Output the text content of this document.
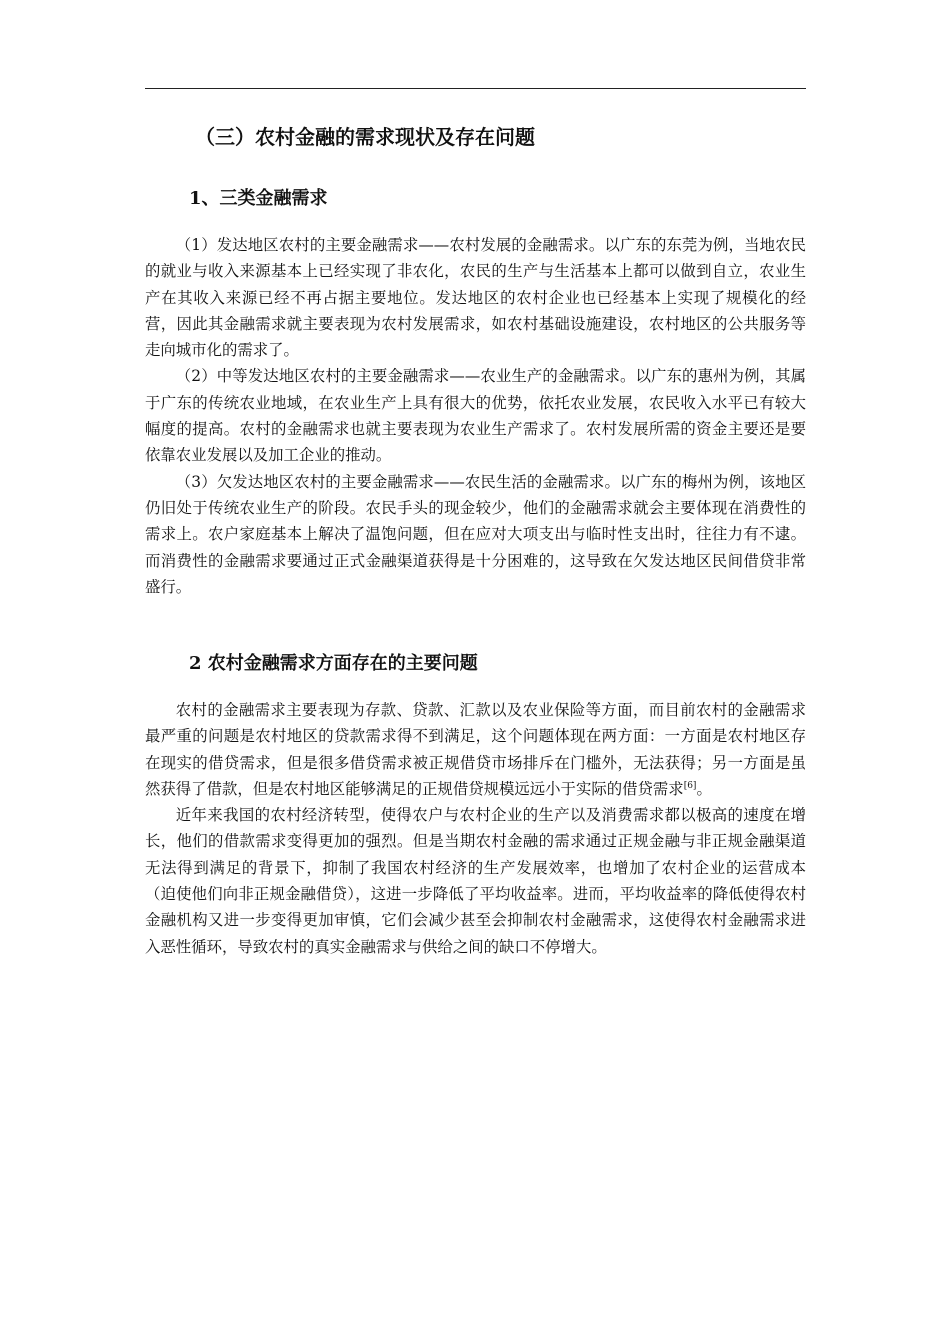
（三）农村金融的需求现状及存在问题
1、三类金融需求

（1）发达地区农村的主要金融需求——农村发展的金融需求。以广东的东莞为例，当地农民的就业与收入来源基本上已经实现了非农化，农民的生产与生活基本上都可以做到自立，农业生产在其收入来源已经不再占据主要地位。发达地区的农村企业也已经基本上实现了规模化的经营，因此其金融需求就主要表现为农村发展需求，如农村基础设施建设，农村地区的公共服务等走向城市化的需求了。

（2）中等发达地区农村的主要金融需求——农业生产的金融需求。以广东的惠州为例，其属于广东的传统农业地域，在农业生产上具有很大的优势，依托农业发展，农民收入水平已有较大幅度的提高。农村的金融需求也就主要表现为农业生产需求了。农村发展所需的资金主要还是要依靠农业发展以及加工企业的推动。

（3）欠发达地区农村的主要金融需求——农民生活的金融需求。以广东的梅州为例，该地区仍旧处于传统农业生产的阶段。农民手头的现金较少，他们的金融需求就会主要体现在消费性的需求上。农户家庭基本上解决了温饱问题，但在应对大项支出与临时性支出时，往往力有不逮。而消费性的金融需求要通过正式金融渠道获得是十分困难的，这导致在欠发达地区民间借贷非常盛行。

2 农村金融需求方面存在的主要问题

农村的金融需求主要表现为存款、贷款、汇款以及农业保险等方面，而目前农村的金融需求最严重的问题是农村地区的贷款需求得不到满足，这个问题体现在两方面：一方面是农村地区存在现实的借贷需求，但是很多借贷需求被正规借贷市场排斥在门槛外，无法获得；另一方面是虽然获得了借款，但是农村地区能够满足的正规借贷规模远远小于实际的借贷需求[6]。

近年来我国的农村经济转型，使得农户与农村企业的生产以及消费需求都以极高的速度在增长，他们的借款需求变得更加的强烈。但是当期农村金融的需求通过正规金融与非正规金融渠道无法得到满足的背景下，抑制了我国农村经济的生产发展效率，也增加了农村企业的运营成本（迫使他们向非正规金融借贷），这进一步降低了平均收益率。进而，平均收益率的降低使得农村金融机构又进一步变得更加审慎，它们会减少甚至会抑制农村金融需求，这使得农村金融需求进入恶性循环，导致农村的真实金融需求与供给之间的缺口不停增大。
